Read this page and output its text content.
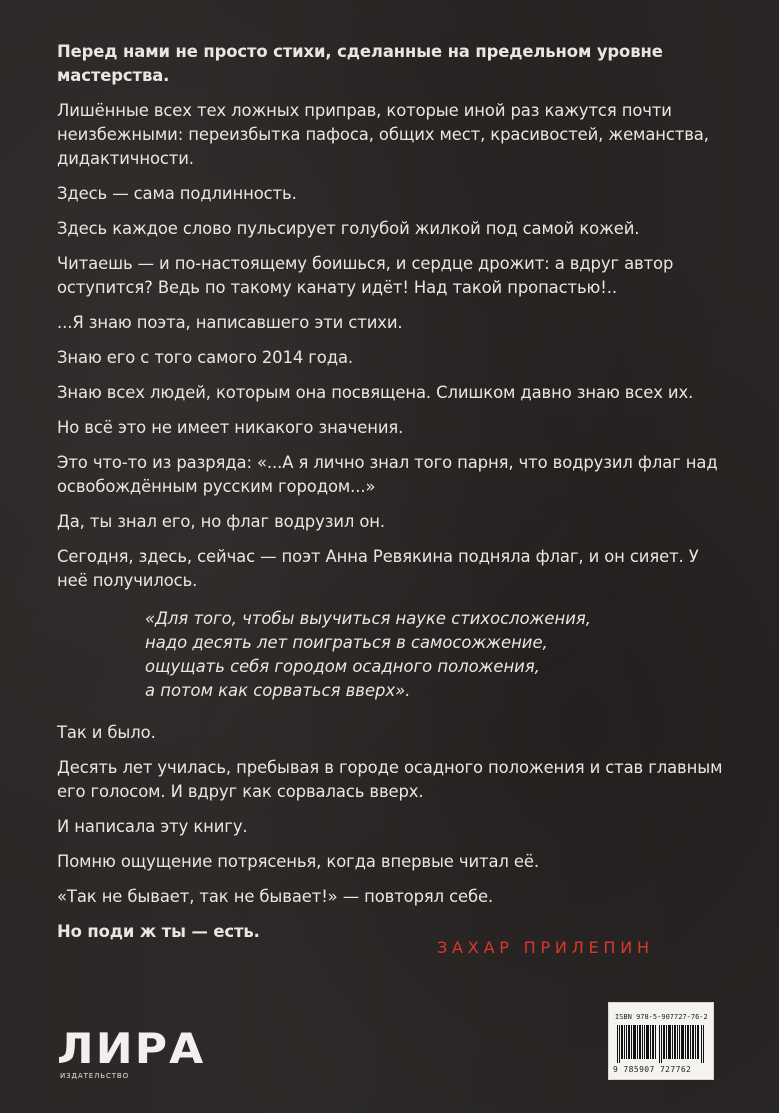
Перед нами не просто стихи, сделанные на предельном уровне мастерства.

Лишённые всех тех ложных приправ, которые иной раз кажутся почти неизбежными: переизбытка пафоса, общих мест, красивостей, жеманства, дидактичности.

Здесь — сама подлинность.

Здесь каждое слово пульсирует голубой жилкой под самой кожей.

Читаешь — и по-настоящему боишься, и сердце дрожит: а вдруг автор оступится? Ведь по такому канату идёт! Над такой пропастью!..

...Я знаю поэта, написавшего эти стихи.

Знаю его с того самого 2014 года.

Знаю всех людей, которым она посвящена. Слишком давно знаю всех их.

Но всё это не имеет никакого значения.

Это что-то из разряда: «...А я лично знал того парня, что водрузил флаг над освобождённым русским городом...»

Да, ты знал его, но флаг водрузил он.

Сегодня, здесь, сейчас — поэт Анна Ревякина подняла флаг, и он сияет. У неё получилось.

«Для того, чтобы выучиться науке стихосложения,
надо десять лет поиграться в самосожжение,
ощущать себя городом осадного положения,
а потом как сорваться вверх».

Так и было.

Десять лет училась, пребывая в городе осадного положения и став главным его голосом. И вдруг как сорвалась вверх.

И написала эту книгу.

Помню ощущение потрясенья, когда впервые читал её.

«Так не бывает, так не бывает!» — повторял себе.

Но поди ж ты — есть.

ЗАХАР ПРИЛЕПИН
ЛИРА
ИЗДАТЕЛЬСТВО
ISBN 978-5-907727-76-2
9 785907 727762
